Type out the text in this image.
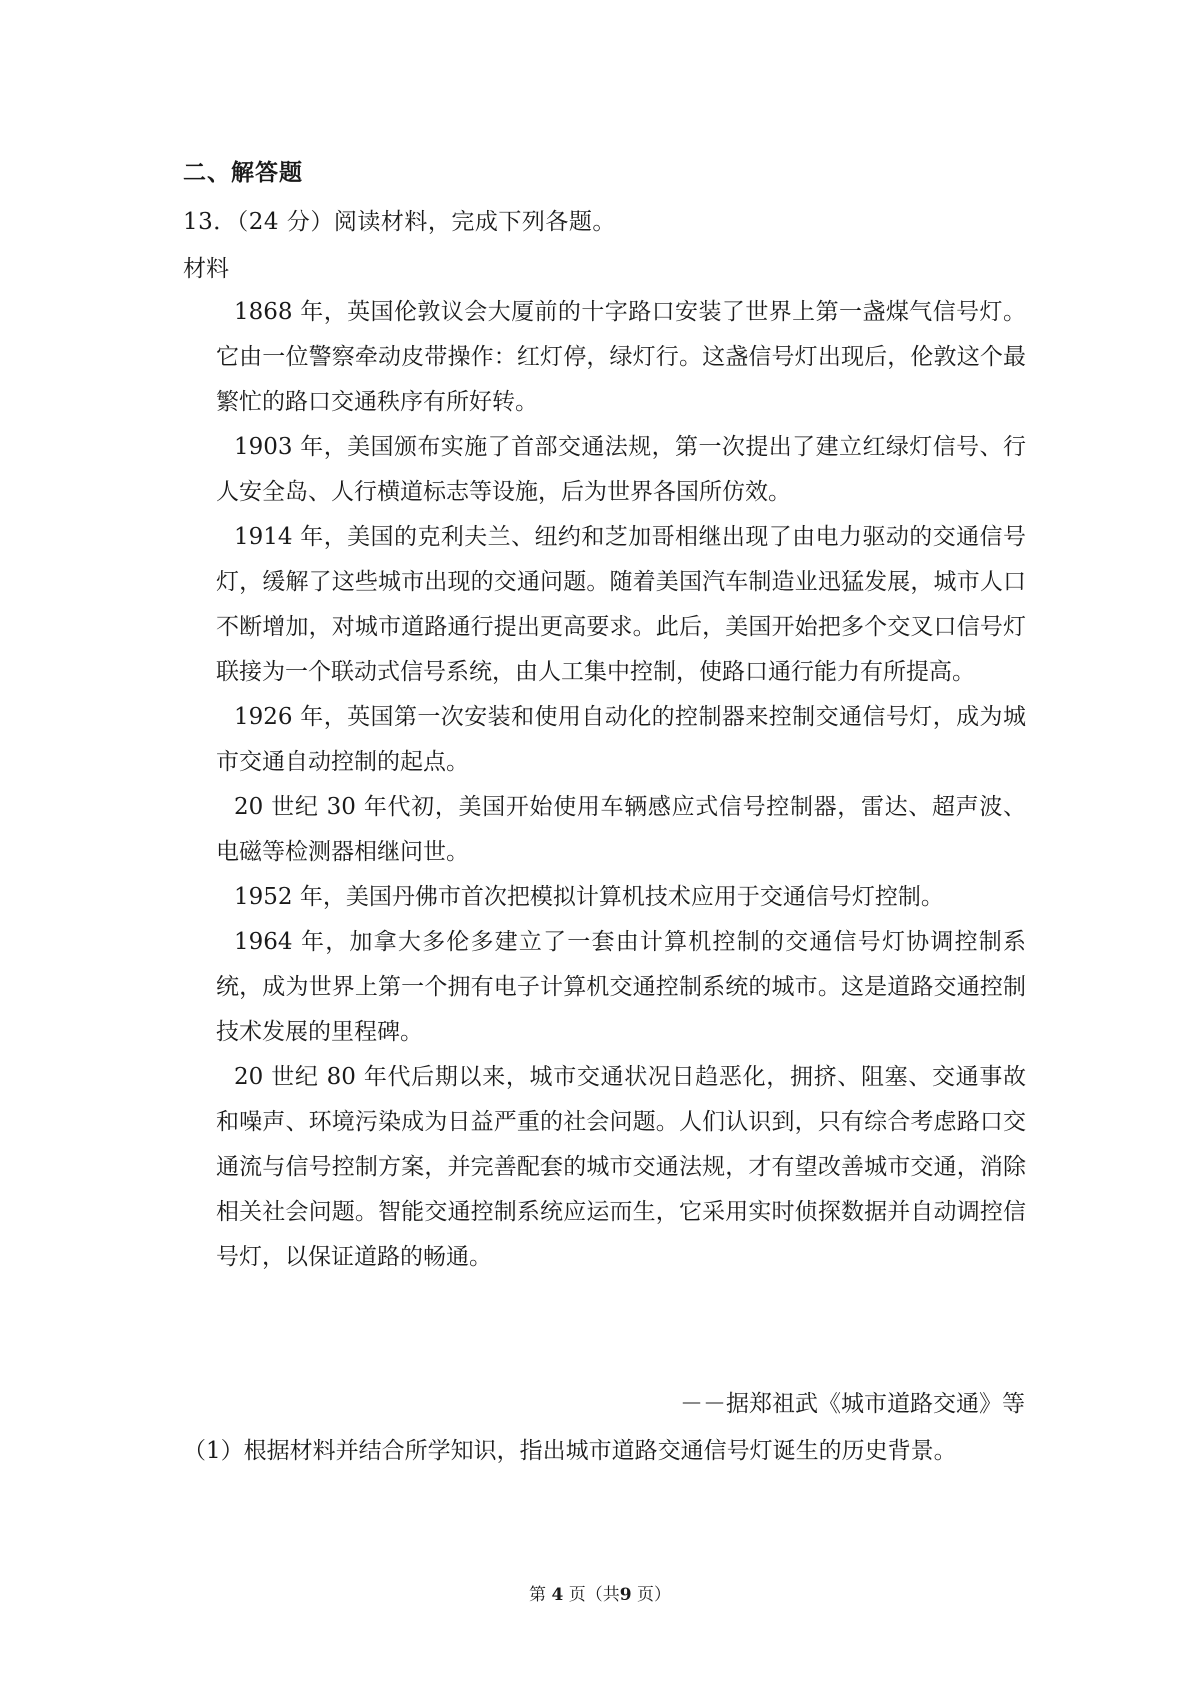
二、解答题
13．（24 分）阅读材料，完成下列各题。
材料

1868 年，英国伦敦议会大厦前的十字路口安装了世界上第一盏煤气信号灯。它由一位警察牵动皮带操作：红灯停，绿灯行。这盏信号灯出现后，伦敦这个最繁忙的路口交通秩序有所好转。

1903 年，美国颁布实施了首部交通法规，第一次提出了建立红绿灯信号、行人安全岛、人行横道标志等设施，后为世界各国所仿效。

1914 年，美国的克利夫兰、纽约和芝加哥相继出现了由电力驱动的交通信号灯，缓解了这些城市出现的交通问题。随着美国汽车制造业迅猛发展，城市人口不断增加，对城市道路通行提出更高要求。此后，美国开始把多个交叉口信号灯联接为一个联动式信号系统，由人工集中控制，使路口通行能力有所提高。

1926 年，英国第一次安装和使用自动化的控制器来控制交通信号灯，成为城市交通自动控制的起点。

20 世纪 30 年代初，美国开始使用车辆感应式信号控制器，雷达、超声波、电磁等检测器相继问世。

1952 年，美国丹佛市首次把模拟计算机技术应用于交通信号灯控制。

1964 年，加拿大多伦多建立了一套由计算机控制的交通信号灯协调控制系统，成为世界上第一个拥有电子计算机交通控制系统的城市。这是道路交通控制技术发展的里程碑。

20 世纪 80 年代后期以来，城市交通状况日趋恶化，拥挤、阻塞、交通事故和噪声、环境污染成为日益严重的社会问题。人们认识到，只有综合考虑路口交通流与信号控制方案，并完善配套的城市交通法规，才有望改善城市交通，消除相关社会问题。智能交通控制系统应运而生，它采用实时侦探数据并自动调控信号灯，以保证道路的畅通。

－－据郑祖武《城市道路交通》等
（1）根据材料并结合所学知识，指出城市道路交通信号灯诞生的历史背景。
第 4 页（共9 页）
